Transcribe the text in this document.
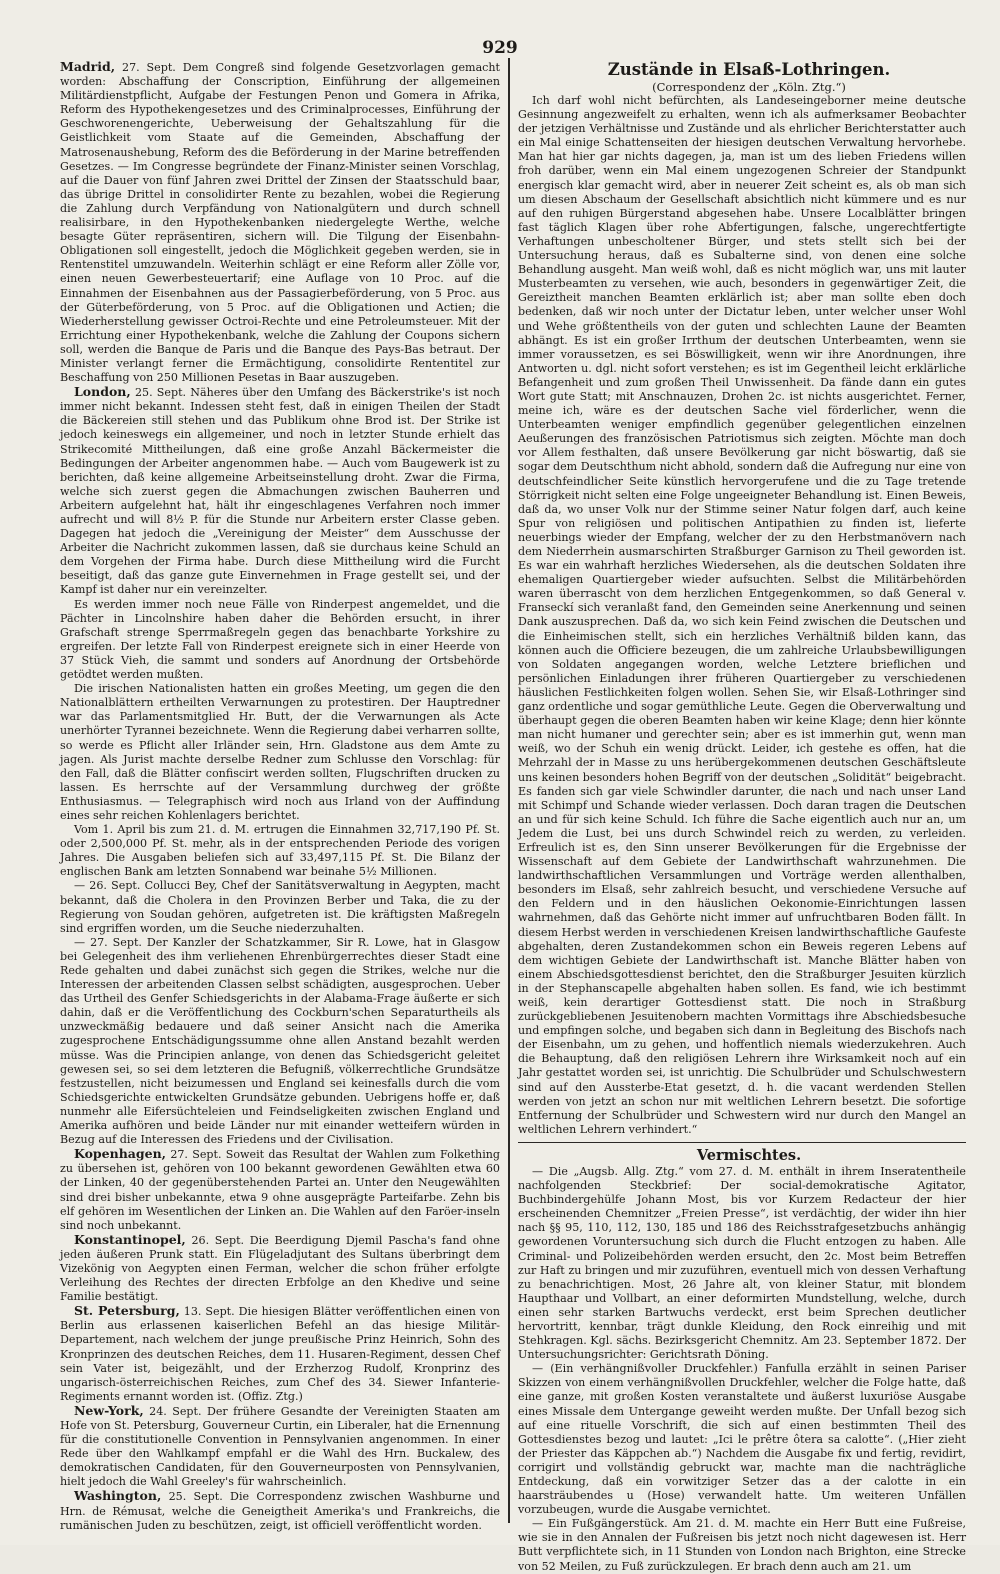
929

Madrid, 27. Sept. Dem Congreß sind folgende Gesetzvorlagen gemacht worden: Abschaffung der Conscription, Einführung der allgemeinen Militärdienstpflicht, Aufgabe der Festungen Penon und Gomera in Afrika, Reform des Hypothekengesetzes und des Criminalprocesses, Einführung der Geschworenengerichte, Ueberweisung der Gehaltszahlung für die Geistlichkeit vom Staate auf die Gemeinden, Abschaffung der Matrosenaushebung, Reform des die Beförderung in der Marine betreffenden Gesetzes. — Im Congresse begründete der Finanz-Minister seinen Vorschlag, auf die Dauer von fünf Jahren zwei Drittel der Zinsen der Staatsschuld baar, das übrige Drittel in consolidirter Rente zu bezahlen, wobei die Regierung die Zahlung durch Verpfändung von Nationalgütern und durch schnell realisirbare, in den Hypothekenbanken niedergelegte Werthe, welche besagte Güter repräsentiren, sichern will. Die Tilgung der Eisenbahn-Obligationen soll eingestellt, jedoch die Möglichkeit gegeben werden, sie in Rentenstitel umzuwandeln. Weiterhin schlägt er eine Reform aller Zölle vor, einen neuen Gewerbesteuertarif; eine Auflage von 10 Proc. auf die Einnahmen der Eisenbahnen aus der Passagierbeförderung, von 5 Proc. aus der Güterbeförderung, von 5 Proc. auf die Obligationen und Actien; die Wiederherstellung gewisser Octroi-Rechte und eine Petroleumsteuer. Mit der Errichtung einer Hypothekenbank, welche die Zahlung der Coupons sichern soll, werden die Banque de Paris und die Banque des Pays-Bas betraut. Der Minister verlangt ferner die Ermächtigung, consolidirte Rententitel zur Beschaffung von 250 Millionen Pesetas in Baar auszugeben.

London, 25. Sept. Näheres über den Umfang des Bäckerstrike's ist noch immer nicht bekannt. Indessen steht fest, daß in einigen Theilen der Stadt die Bäckereien still stehen und das Publikum ohne Brod ist. Der Strike ist jedoch keineswegs ein allgemeiner, und noch in letzter Stunde erhielt das Strikecomité Mittheilungen, daß eine große Anzahl Bäckermeister die Bedingungen der Arbeiter angenommen habe. — Auch vom Baugewerk ist zu berichten, daß keine allgemeine Arbeitseinstellung droht. Zwar die Firma, welche sich zuerst gegen die Abmachungen zwischen Bauherren und Arbeitern aufgelehnt hat, hält ihr eingeschlagenes Verfahren noch immer aufrecht und will 8½ P. für die Stunde nur Arbeitern erster Classe geben. Dagegen hat jedoch die „Vereinigung der Meister“ dem Ausschusse der Arbeiter die Nachricht zukommen lassen, daß sie durchaus keine Schuld an dem Vorgehen der Firma habe. Durch diese Mittheilung wird die Furcht beseitigt, daß das ganze gute Einvernehmen in Frage gestellt sei, und der Kampf ist daher nur ein vereinzelter.

Es werden immer noch neue Fälle von Rinderpest angemeldet, und die Pächter in Lincolnshire haben daher die Behörden ersucht, in ihrer Grafschaft strenge Sperrmaßregeln gegen das benachbarte Yorkshire zu ergreifen. Der letzte Fall von Rinderpest ereignete sich in einer Heerde von 37 Stück Vieh, die sammt und sonders auf Anordnung der Ortsbehörde getödtet werden mußten.

Die irischen Nationalisten hatten ein großes Meeting, um gegen die den Nationalblättern ertheilten Verwarnungen zu protestiren. Der Hauptredner war das Parlamentsmitglied Hr. Butt, der die Verwarnungen als Acte unerhörter Tyrannei bezeichnete. Wenn die Regierung dabei verharren sollte, so werde es Pflicht aller Irländer sein, Hrn. Gladstone aus dem Amte zu jagen. Als Jurist machte derselbe Redner zum Schlusse den Vorschlag: für den Fall, daß die Blätter confiscirt werden sollten, Flugschriften drucken zu lassen. Es herrschte auf der Versammlung durchweg der größte Enthusiasmus. — Telegraphisch wird noch aus Irland von der Auffindung eines sehr reichen Kohlenlagers berichtet.

Vom 1. April bis zum 21. d. M. ertrugen die Einnahmen 32,717,190 Pf. St. oder 2,500,000 Pf. St. mehr, als in der entsprechenden Periode des vorigen Jahres. Die Ausgaben beliefen sich auf 33,497,115 Pf. St. Die Bilanz der englischen Bank am letzten Sonnabend war beinahe 5½ Millionen.

— 26. Sept. Collucci Bey, Chef der Sanitätsverwaltung in Aegypten, macht bekannt, daß die Cholera in den Provinzen Berber und Taka, die zu der Regierung von Soudan gehören, aufgetreten ist. Die kräftigsten Maßregeln sind ergriffen worden, um die Seuche niederzuhalten.

— 27. Sept. Der Kanzler der Schatzkammer, Sir R. Lowe, hat in Glasgow bei Gelegenheit des ihm verliehenen Ehrenbürgerrechtes dieser Stadt eine Rede gehalten und dabei zunächst sich gegen die Strikes, welche nur die Interessen der arbeitenden Classen selbst schädigten, ausgesprochen. Ueber das Urtheil des Genfer Schiedsgerichts in der Alabama-Frage äußerte er sich dahin, daß er die Veröffentlichung des Cockburn'schen Separaturtheils als unzweckmäßig bedauere und daß seiner Ansicht nach die Amerika zugesprochene Entschädigungssumme ohne allen Anstand bezahlt werden müsse. Was die Principien anlange, von denen das Schiedsgericht geleitet gewesen sei, so sei dem letzteren die Befugniß, völkerrechtliche Grundsätze festzustellen, nicht beizumessen und England sei keinesfalls durch die vom Schiedsgerichte entwickelten Grundsätze gebunden. Uebrigens hoffe er, daß nunmehr alle Eifersüchteleien und Feindseligkeiten zwischen England und Amerika aufhören und beide Länder nur mit einander wetteifern würden in Bezug auf die Interessen des Friedens und der Civilisation.

Kopenhagen, 27. Sept. Soweit das Resultat der Wahlen zum Folkething zu übersehen ist, gehören von 100 bekannt gewordenen Gewählten etwa 60 der Linken, 40 der gegenüberstehenden Partei an. Unter den Neugewählten sind drei bisher unbekannte, etwa 9 ohne ausgeprägte Parteifarbe. Zehn bis elf gehören im Wesentlichen der Linken an. Die Wahlen auf den Faröer-inseln sind noch unbekannt.

Konstantinopel, 26. Sept. Die Beerdigung Djemil Pascha's fand ohne jeden äußeren Prunk statt. Ein Flügeladjutant des Sultans überbringt dem Vizekönig von Aegypten einen Ferman, welcher die schon früher erfolgte Verleihung des Rechtes der directen Erbfolge an den Khedive und seine Familie bestätigt.

St. Petersburg, 13. Sept. Die hiesigen Blätter veröffentlichen einen von Berlin aus erlassenen kaiserlichen Befehl an das hiesige Militär-Departement, nach welchem der junge preußische Prinz Heinrich, Sohn des Kronprinzen des deutschen Reiches, dem 11. Husaren-Regiment, dessen Chef sein Vater ist, beigezählt, und der Erzherzog Rudolf, Kronprinz des ungarisch-österreichischen Reiches, zum Chef des 34. Siewer Infanterie-Regiments ernannt worden ist. (Offiz. Ztg.)

New-York, 24. Sept. Der frühere Gesandte der Vereinigten Staaten am Hofe von St. Petersburg, Gouverneur Curtin, ein Liberaler, hat die Ernennung für die constitutionelle Convention in Pennsylvanien angenommen. In einer Rede über den Wahlkampf empfahl er die Wahl des Hrn. Buckalew, des demokratischen Candidaten, für den Gouverneurposten von Pennsylvanien, hielt jedoch die Wahl Greeley's für wahrscheinlich.

Washington, 25. Sept. Die Correspondenz zwischen Washburne und Hrn. de Rémusat, welche die Geneigtheit Amerika's und Frankreichs, die rumänischen Juden zu beschützen, zeigt, ist officiell veröffentlicht worden.

Zustände in Elsaß-Lothringen.

(Correspondenz der „Köln. Ztg.“)

Ich darf wohl nicht befürchten, als Landeseingeborner meine deutsche Gesinnung angezweifelt zu erhalten, wenn ich als aufmerksamer Beobachter der jetzigen Verhältnisse und Zustände und als ehrlicher Berichterstatter auch ein Mal einige Schattenseiten der hiesigen deutschen Verwaltung hervorhebe. Man hat hier gar nichts dagegen, ja, man ist um des lieben Friedens willen froh darüber, wenn ein Mal einem ungezogenen Schreier der Standpunkt energisch klar gemacht wird, aber in neuerer Zeit scheint es, als ob man sich um diesen Abschaum der Gesellschaft absichtlich nicht kümmere und es nur auf den ruhigen Bürgerstand abgesehen habe. Unsere Localblätter bringen fast täglich Klagen über rohe Abfertigungen, falsche, ungerechtfertigte Verhaftungen unbescholtener Bürger, und stets stellt sich bei der Untersuchung heraus, daß es Subalterne sind, von denen eine solche Behandlung ausgeht. Man weiß wohl, daß es nicht möglich war, uns mit lauter Musterbeamten zu versehen, wie auch, besonders in gegenwärtiger Zeit, die Gereiztheit manchen Beamten erklärlich ist; aber man sollte eben doch bedenken, daß wir noch unter der Dictatur leben, unter welcher unser Wohl und Wehe größtentheils von der guten und schlechten Laune der Beamten abhängt. Es ist ein großer Irrthum der deutschen Unterbeamten, wenn sie immer voraussetzen, es sei Böswilligkeit, wenn wir ihre Anordnungen, ihre Antworten u. dgl. nicht sofort verstehen; es ist im Gegentheil leicht erklärliche Befangenheit und zum großen Theil Unwissenheit. Da fände dann ein gutes Wort gute Statt; mit Anschnauzen, Drohen 2c. ist nichts ausgerichtet. Ferner, meine ich, wäre es der deutschen Sache viel förderlicher, wenn die Unterbeamten weniger empfindlich gegenüber gelegentlichen einzelnen Aeußerungen des französischen Patriotismus sich zeigten. Möchte man doch vor Allem festhalten, daß unsere Bevölkerung gar nicht böswartig, daß sie sogar dem Deutschthum nicht abhold, sondern daß die Aufregung nur eine von deutschfeindlicher Seite künstlich hervorgerufene und die zu Tage tretende Störrigkeit nicht selten eine Folge ungeeigneter Behandlung ist. Einen Beweis, daß da, wo unser Volk nur der Stimme seiner Natur folgen darf, auch keine Spur von religiösen und politischen Antipathien zu finden ist, lieferte neuerbings wieder der Empfang, welcher der zu den Herbstmanövern nach dem Niederrhein ausmarschirten Straßburger Garnison zu Theil geworden ist. Es war ein wahrhaft herzliches Wiedersehen, als die deutschen Soldaten ihre ehemaligen Quartiergeber wieder aufsuchten. Selbst die Militärbehörden waren überrascht von dem herzlichen Entgegenkommen, so daß General v. Franseckí sich veranlaßt fand, den Gemeinden seine Anerkennung und seinen Dank auszusprechen. Daß da, wo sich kein Feind zwischen die Deutschen und die Einheimischen stellt, sich ein herzliches Verhältniß bilden kann, das können auch die Officiere bezeugen, die um zahlreiche Urlaubsbewilligungen von Soldaten angegangen worden, welche Letztere brieflichen und persönlichen Einladungen ihrer früheren Quartiergeber zu verschiedenen häuslichen Festlichkeiten folgen wollen. Sehen Sie, wir Elsaß-Lothringer sind ganz ordentliche und sogar gemüthliche Leute. Gegen die Oberverwaltung und überhaupt gegen die oberen Beamten haben wir keine Klage; denn hier könnte man nicht humaner und gerechter sein; aber es ist immerhin gut, wenn man weiß, wo der Schuh ein wenig drückt. Leider, ich gestehe es offen, hat die Mehrzahl der in Masse zu uns herübergekommenen deutschen Geschäftsleute uns keinen besonders hohen Begriff von der deutschen „Solidität“ beigebracht. Es fanden sich gar viele Schwindler darunter, die nach und nach unser Land mit Schimpf und Schande wieder verlassen. Doch daran tragen die Deutschen an und für sich keine Schuld. Ich führe die Sache eigentlich auch nur an, um Jedem die Lust, bei uns durch Schwindel reich zu werden, zu verleiden. Erfreulich ist es, den Sinn unserer Bevölkerungen für die Ergebnisse der Wissenschaft auf dem Gebiete der Landwirthschaft wahrzunehmen. Die landwirthschaftlichen Versammlungen und Vorträge werden allenthalben, besonders im Elsaß, sehr zahlreich besucht, und verschiedene Versuche auf den Feldern und in den häuslichen Oekonomie-Einrichtungen lassen wahrnehmen, daß das Gehörte nicht immer auf unfruchtbaren Boden fällt. In diesem Herbst werden in verschiedenen Kreisen landwirthschaftliche Gaufeste abgehalten, deren Zustandekommen schon ein Beweis regeren Lebens auf dem wichtigen Gebiete der Landwirthschaft ist. Manche Blätter haben von einem Abschiedsgottesdienst berichtet, den die Straßburger Jesuiten kürzlich in der Stephanscapelle abgehalten haben sollen. Es fand, wie ich bestimmt weiß, kein derartiger Gottesdienst statt. Die noch in Straßburg zurückgebliebenen Jesuitenobern machten Vormittags ihre Abschiedsbesuche und empfingen solche, und begaben sich dann in Begleitung des Bischofs nach der Eisenbahn, um zu gehen, und hoffentlich niemals wiederzukehren. Auch die Behauptung, daß den religiösen Lehrern ihre Wirksamkeit noch auf ein Jahr gestattet worden sei, ist unrichtig. Die Schulbrüder und Schulschwestern sind auf den Aussterbe-Etat gesetzt, d. h. die vacant werdenden Stellen werden von jetzt an schon nur mit weltlichen Lehrern besetzt. Die sofortige Entfernung der Schulbrüder und Schwestern wird nur durch den Mangel an weltlichen Lehrern verhindert.“

Vermischtes.

— Die „Augsb. Allg. Ztg.“ vom 27. d. M. enthält in ihrem Inseratentheile nachfolgenden Steckbrief: Der social-demokratische Agitator, Buchbindergehülfe Johann Most, bis vor Kurzem Redacteur der hier erscheinenden Chemnitzer „Freien Presse“, ist verdächtig, der wider ihn hier nach §§ 95, 110, 112, 130, 185 und 186 des Reichsstrafgesetzbuchs anhängig gewordenen Voruntersuchung sich durch die Flucht entzogen zu haben. Alle Criminal- und Polizeibehörden werden ersucht, den 2c. Most beim Betreffen zur Haft zu bringen und mir zuzuführen, eventuell mich von dessen Verhaftung zu benachrichtigen. Most, 26 Jahre alt, von kleiner Statur, mit blondem Haupthaar und Vollbart, an einer deformirten Mundstellung, welche, durch einen sehr starken Bartwuchs verdeckt, erst beim Sprechen deutlicher hervortritt, kennbar, trägt dunkle Kleidung, den Rock einreihig und mit Stehkragen. Kgl. sächs. Bezirksgericht Chemnitz. Am 23. September 1872. Der Untersuchungsrichter: Gerichtsrath Döning.

— (Ein verhängnißvoller Druckfehler.) Fanfulla erzählt in seinen Pariser Skizzen von einem verhängnißvollen Druckfehler, welcher die Folge hatte, daß eine ganze, mit großen Kosten veranstaltete und äußerst luxuriöse Ausgabe eines Missale dem Untergange geweiht werden mußte. Der Unfall bezog sich auf eine rituelle Vorschrift, die sich auf einen bestimmten Theil des Gottesdienstes bezog und lautet: „Ici le prêtre ôtera sa calotte“. („Hier zieht der Priester das Käppchen ab.“) Nachdem die Ausgabe fix und fertig, revidirt, corrigirt und vollständig gebruckt war, machte man die nachträgliche Entdeckung, daß ein vorwitziger Setzer das a der calotte in ein haarsträubendes u (Hose) verwandelt hatte. Um weiteren Unfällen vorzubeugen, wurde die Ausgabe vernichtet.

— Ein Fußgängerstück. Am 21. d. M. machte ein Herr Butt eine Fußreise, wie sie in den Annalen der Fußreisen bis jetzt noch nicht dagewesen ist. Herr Butt verpflichtete sich, in 11 Stunden von London nach Brighton, eine Strecke von 52 Meilen, zu Fuß zurückzulegen. Er brach denn auch am 21. um
